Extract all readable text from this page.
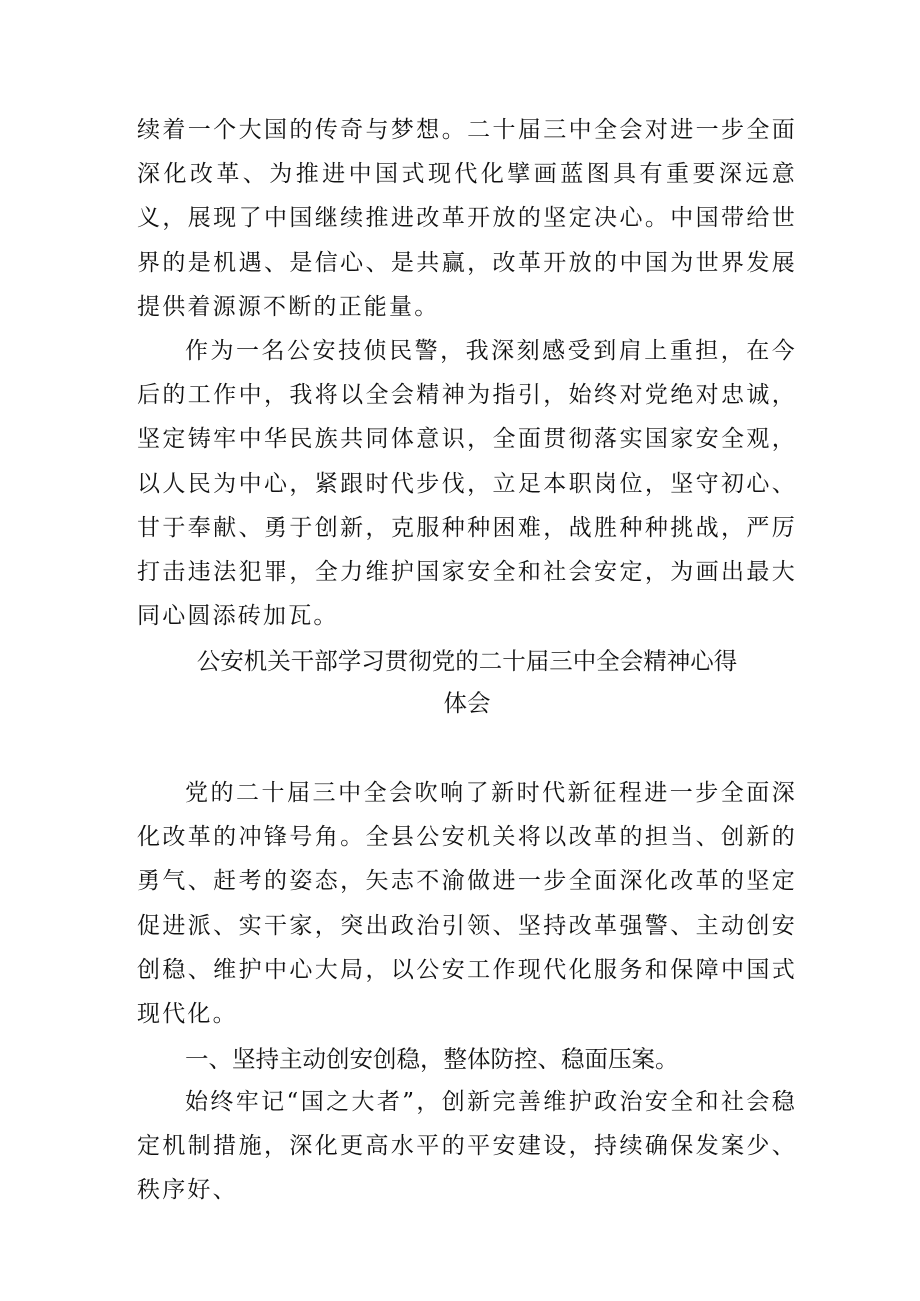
续着一个大国的传奇与梦想。二十届三中全会对进一步全面深化改革、为推进中国式现代化擘画蓝图具有重要深远意义，展现了中国继续推进改革开放的坚定决心。中国带给世界的是机遇、是信心、是共赢，改革开放的中国为世界发展提供着源源不断的正能量。

作为一名公安技侦民警，我深刻感受到肩上重担，在今后的工作中，我将以全会精神为指引，始终对党绝对忠诚，坚定铸牢中华民族共同体意识，全面贯彻落实国家安全观，以人民为中心，紧跟时代步伐，立足本职岗位，坚守初心、甘于奉献、勇于创新，克服种种困难，战胜种种挑战，严厉打击违法犯罪，全力维护国家安全和社会安定，为画出最大同心圆添砖加瓦。

公安机关干部学习贯彻党的二十届三中全会精神心得
体会

党的二十届三中全会吹响了新时代新征程进一步全面深化改革的冲锋号角。全县公安机关将以改革的担当、创新的勇气、赶考的姿态，矢志不渝做进一步全面深化改革的坚定促进派、实干家，突出政治引领、坚持改革强警、主动创安创稳、维护中心大局，以公安工作现代化服务和保障中国式现代化。

一、坚持主动创安创稳，整体防控、稳面压案。

始终牢记“国之大者”，创新完善维护政治安全和社会稳定机制措施，深化更高水平的平安建设，持续确保发案少、秩序好、
